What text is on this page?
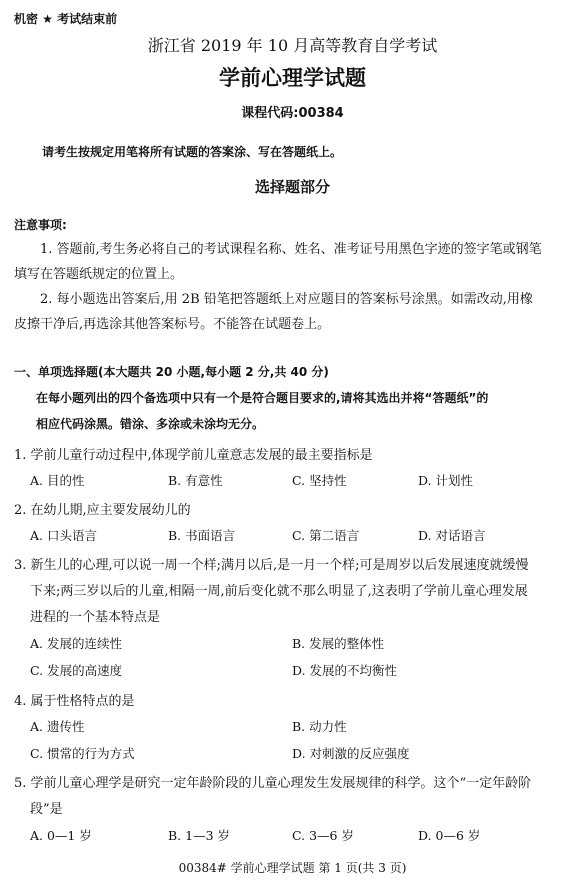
机密 ★ 考试结束前
浙江省 2019 年 10 月高等教育自学考试
学前心理学试题
课程代码:00384
请考生按规定用笔将所有试题的答案涂、写在答题纸上。
选择题部分
注意事项:
1. 答题前,考生务必将自己的考试课程名称、姓名、准考证号用黑色字迹的签字笔或钢笔
填写在答题纸规定的位置上。
2. 每小题选出答案后,用 2B 铅笔把答题纸上对应题目的答案标号涂黑。如需改动,用橡
皮擦干净后,再选涂其他答案标号。不能答在试题卷上。
一、单项选择题(本大题共 20 小题,每小题 2 分,共 40 分)
在每小题列出的四个备选项中只有一个是符合题目要求的,请将其选出并将“答题纸”的
相应代码涂黑。错涂、多涂或未涂均无分。
1. 学前儿童行动过程中,体现学前儿童意志发展的最主要指标是
A. 目的性	B. 有意性	C. 坚持性	D. 计划性
2. 在幼儿期,应主要发展幼儿的
A. 口头语言	B. 书面语言	C. 第二语言	D. 对话语言
3. 新生儿的心理,可以说一周一个样;满月以后,是一月一个样;可是周岁以后发展速度就缓慢
下来;两三岁以后的儿童,相隔一周,前后变化就不那么明显了,这表明了学前儿童心理发展
进程的一个基本特点是
A. 发展的连续性	B. 发展的整体性
C. 发展的高速度	D. 发展的不均衡性
4. 属于性格特点的是
A. 遗传性	B. 动力性
C. 惯常的行为方式	D. 对刺激的反应强度
5. 学前儿童心理学是研究一定年龄阶段的儿童心理发生发展规律的科学。这个“一定年龄阶
段”是
A. 0—1 岁	B. 1—3 岁	C. 3—6 岁	D. 0—6 岁
00384# 学前心理学试题 第 1 页(共 3 页)
